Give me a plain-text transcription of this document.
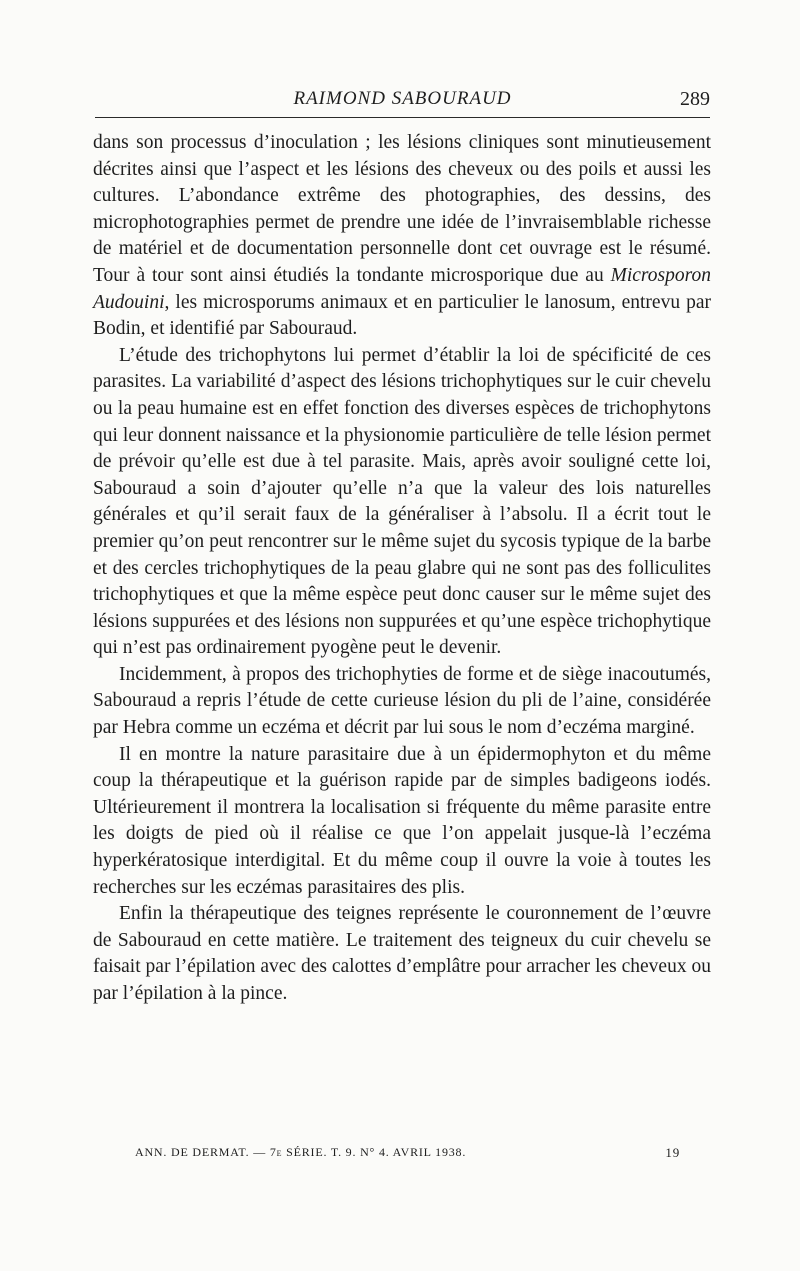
RAIMOND SABOURAUD	289

dans son processus d’inoculation ; les lésions cliniques sont minutieusement décrites ainsi que l’aspect et les lésions des cheveux ou des poils et aussi les cultures. L’abondance extrême des photographies, des dessins, des microphotographies permet de prendre une idée de l’invraisemblable richesse de matériel et de documentation personnelle dont cet ouvrage est le résumé. Tour à tour sont ainsi étudiés la tondante microsporique due au Microsporon Audouini, les microsporums animaux et en particulier le lanosum, entrevu par Bodin, et identifié par Sabouraud.

L’étude des trichophytons lui permet d’établir la loi de spécificité de ces parasites. La variabilité d’aspect des lésions trichophytiques sur le cuir chevelu ou la peau humaine est en effet fonction des diverses espèces de trichophytons qui leur donnent naissance et la physionomie particulière de telle lésion permet de prévoir qu’elle est due à tel parasite. Mais, après avoir souligné cette loi, Sabouraud a soin d’ajouter qu’elle n’a que la valeur des lois naturelles générales et qu’il serait faux de la généraliser à l’absolu. Il a écrit tout le premier qu’on peut rencontrer sur le même sujet du sycosis typique de la barbe et des cercles trichophytiques de la peau glabre qui ne sont pas des folliculites trichophytiques et que la même espèce peut donc causer sur le même sujet des lésions suppurées et des lésions non suppurées et qu’une espèce trichophytique qui n’est pas ordinairement pyogène peut le devenir.

Incidemment, à propos des trichophyties de forme et de siège inacoutumés, Sabouraud a repris l’étude de cette curieuse lésion du pli de l’aine, considérée par Hebra comme un eczéma et décrit par lui sous le nom d’eczéma marginé.

Il en montre la nature parasitaire due à un épidermophyton et du même coup la thérapeutique et la guérison rapide par de simples badigeons iodés. Ultérieurement il montrera la localisation si fréquente du même parasite entre les doigts de pied où il réalise ce que l’on appelait jusque-là l’eczéma hyperkératosique interdigital. Et du même coup il ouvre la voie à toutes les recherches sur les eczémas parasitaires des plis.

Enfin la thérapeutique des teignes représente le couronnement de l’œuvre de Sabouraud en cette matière. Le traitement des teigneux du cuir chevelu se faisait par l’épilation avec des calottes d’emplâtre pour arracher les cheveux ou par l’épilation à la pince.

ANN. DE DERMAT. — 7e SÉRIE. T. 9. N° 4. AVRIL 1938.	19
